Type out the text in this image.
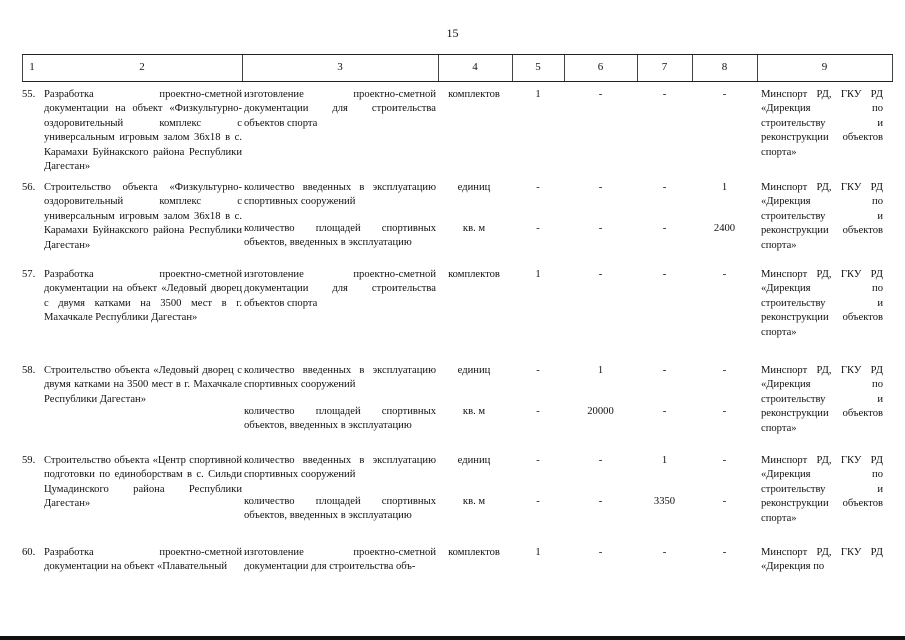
15
1	2	3	4	5	6	7	8	9
55. Разработка проектно-сметной документации на объект «Физкультурно-оздоровительный комплекс с универсальным игровым залом 36х18 в с. Карамахи Буйнакского района Республики Дагестан»
изготовление проектно-сметной документации для строительства объектов спорта
комплектов	1	-	-	-	Минспорт РД, ГКУ РД «Дирекция по строительству и реконструкции объектов спорта»
56. Строительство объекта «Физкультурно-оздоровительный комплекс с универсальным игровым залом 36х18 в с. Карамахи Буйнакского района Республики Дагестан»
количество введенных в эксплуатацию спортивных сооружений
единиц	-	-	-	1
количество площадей спортивных объектов, введенных в эксплуатацию
кв. м	-	-	-	2400
Минспорт РД, ГКУ РД «Дирекция по строительству и реконструкции объектов спорта»
57. Разработка проектно-сметной документации на объект «Ледовый дворец с двумя катками на 3500 мест в г. Махачкале Республики Дагестан»
изготовление проектно-сметной документации для строительства объектов спорта
комплектов	1	-	-	-	Минспорт РД, ГКУ РД «Дирекция по строительству и реконструкции объектов спорта»
58. Строительство объекта «Ледовый дворец с двумя катками на 3500 мест в г. Махачкале Республики Дагестан»
количество введенных в эксплуатацию спортивных сооружений
единиц	-	1	-	-
количество площадей спортивных объектов, введенных в эксплуатацию
кв. м	-	20000	-	-
Минспорт РД, ГКУ РД «Дирекция по строительству и реконструкции объектов спорта»
59. Строительство объекта «Центр спортивной подготовки по единоборствам в с. Сильди Цумадинского района Республики Дагестан»
количество введенных в эксплуатацию спортивных сооружений
единиц	-	-	1	-
количество площадей спортивных объектов, введенных в эксплуатацию
кв. м	-	-	3350	-
Минспорт РД, ГКУ РД «Дирекция по строительству и реконструкции объектов спорта»
60. Разработка проектно-сметной документации на объект «Плавательный
изготовление проектно-сметной документации для строительства объ-
комплектов	1	-	-	-	Минспорт РД, ГКУ РД «Дирекция по
